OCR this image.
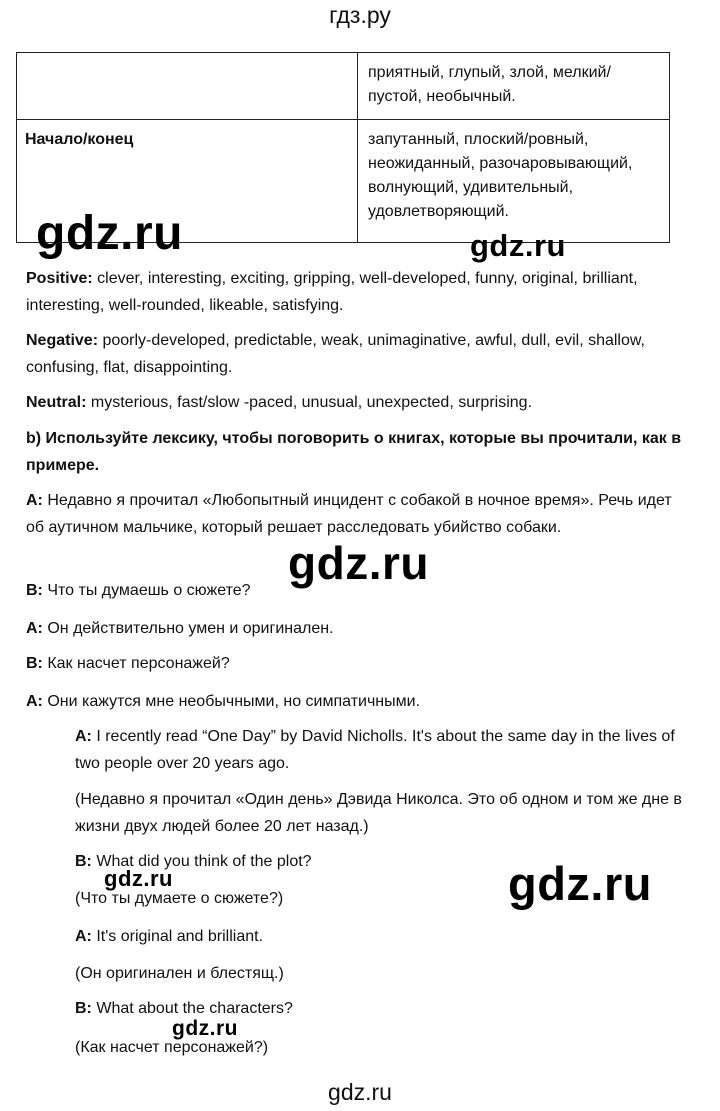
гдз.ру
	приятный, глупый, злой, мелкий/пустой, необычный.
Начало/конец	запутанный, плоский/ровный, неожиданный, разочаровывающий, волнующий, удивительный, удовлетворяющий.
gdz.ru	gdz.ru
Positive: clever, interesting, exciting, gripping, well-developed, funny, original, brilliant, interesting, well-rounded, likeable, satisfying.
Negative: poorly-developed, predictable, weak, unimaginative, awful, dull, evil, shallow, confusing, flat, disappointing.
Neutral: mysterious, fast/slow -paced, unusual, unexpected, surprising.
b) Используйте лексику, чтобы поговорить о книгах, которые вы прочитали, как в примере.
A: Недавно я прочитал «Любопытный инцидент с собакой в ночное время». Речь идет об аутичном мальчике, который решает расследовать убийство собаки.
gdz.ru
B: Что ты думаешь о сюжете?
A: Он действительно умен и оригинален.
B: Как насчет персонажей?
A: Они кажутся мне необычными, но симпатичными.
A: I recently read “One Day” by David Nicholls. It's about the same day in the lives of two people over 20 years ago.
(Недавно я прочитал «Один день» Дэвида Николса. Это об одном и том же дне в жизни двух людей более 20 лет назад.)
B: What did you think of the plot?
gdz.ru
(Что ты думаете о сюжете?)	gdz.ru
A: It's original and brilliant.
(Он оригинален и блестящ.)
B: What about the characters?
gdz.ru
(Как насчет персонажей?)
gdz.ru
